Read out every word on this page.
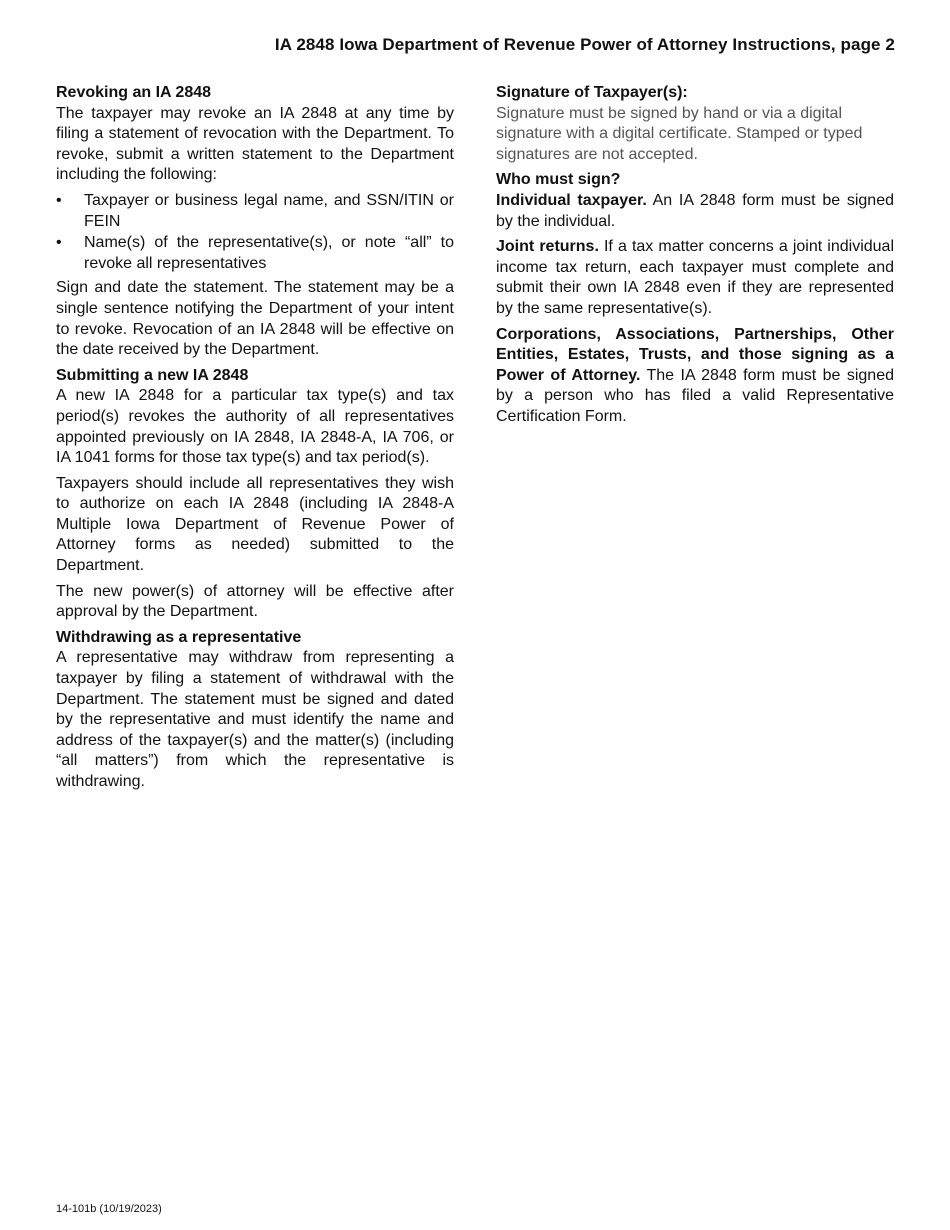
IA 2848 Iowa Department of Revenue Power of Attorney Instructions, page 2

Revoking an IA 2848

The taxpayer may revoke an IA 2848 at any time by filing a statement of revocation with the Department. To revoke, submit a written statement to the Department including the following:

• Taxpayer or business legal name, and SSN/ITIN or FEIN
• Name(s) of the representative(s), or note “all” to revoke all representatives

Sign and date the statement. The statement may be a single sentence notifying the Department of your intent to revoke. Revocation of an IA 2848 will be effective on the date received by the Department.

Submitting a new IA 2848

A new IA 2848 for a particular tax type(s) and tax period(s) revokes the authority of all representatives appointed previously on IA 2848, IA 2848-A, IA 706, or IA 1041 forms for those tax type(s) and tax period(s).

Taxpayers should include all representatives they wish to authorize on each IA 2848 (including IA 2848-A Multiple Iowa Department of Revenue Power of Attorney forms as needed) submitted to the Department.

The new power(s) of attorney will be effective after approval by the Department.

Withdrawing as a representative

A representative may withdraw from representing a taxpayer by filing a statement of withdrawal with the Department. The statement must be signed and dated by the representative and must identify the name and address of the taxpayer(s) and the matter(s) (including “all matters”) from which the representative is withdrawing.

Signature of Taxpayer(s):

Signature must be signed by hand or via a digital signature with a digital certificate. Stamped or typed signatures are not accepted.

Who must sign?

Individual taxpayer. An IA 2848 form must be signed by the individual.

Joint returns. If a tax matter concerns a joint individual income tax return, each taxpayer must complete and submit their own IA 2848 even if they are represented by the same representative(s).

Corporations, Associations, Partnerships, Other Entities, Estates, Trusts, and those signing as a Power of Attorney. The IA 2848 form must be signed by a person who has filed a valid Representative Certification Form.

14-101b (10/19/2023)
